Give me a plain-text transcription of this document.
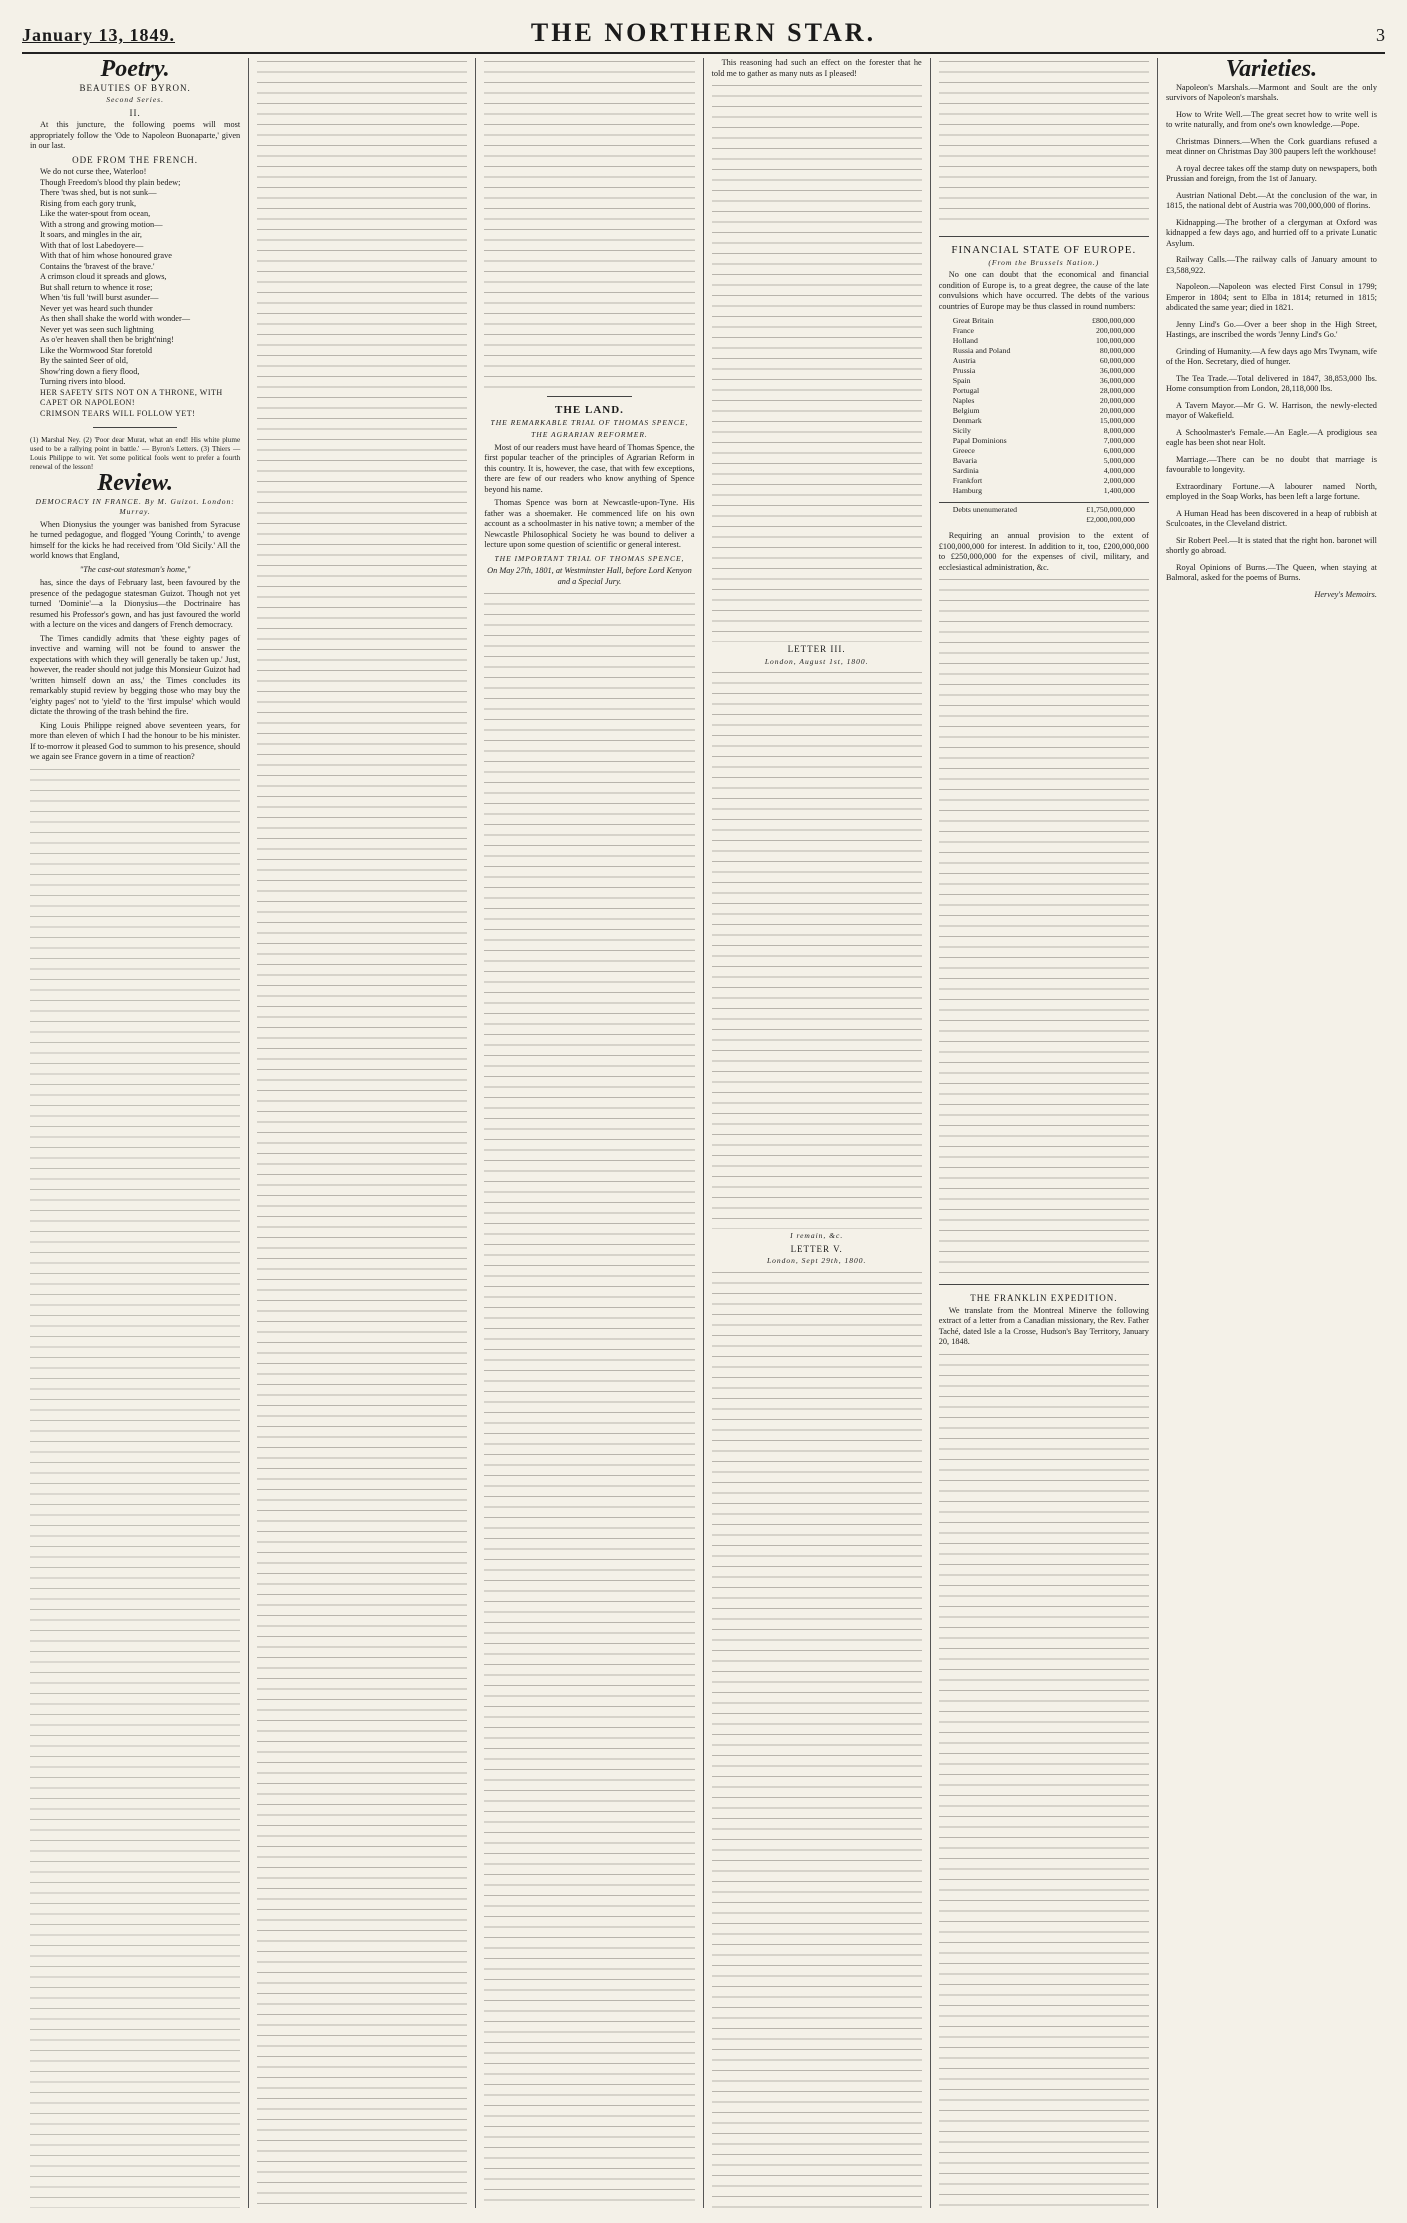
January 13, 1849.	THE NORTHERN STAR.	3
Poetry.
BEAUTIES OF BYRON.
Second Series.
II.

At this juncture, the following poems will most appropriately follow the 'Ode to Napoleon Buonaparte,' given in our last.

ODE FROM THE FRENCH.
We do not curse thee, Waterloo!
Though Freedom's blood thy plain bedew;
There 'twas shed, but is not sunk—
Rising from each gory trunk,
Like the water-spout from ocean,
With a strong and growing motion—
It soars, and mingles in the air,
With that of lost Labedoyere—
With that of him whose honoured grave
Contains the 'bravest of the brave.'
A crimson cloud it spreads and glows,
But shall return to whence it rose;
When 'tis full 'twill burst asunder—
Never yet was heard such thunder
As then shall shake the world with wonder—
Never yet was seen such lightning
As o'er heaven shall then be bright'ning!
Like the Wormwood Star foretold
By the sainted Seer of old,
Show'ring down a fiery flood,
Turning rivers into blood.
HER SAFETY SITS NOT ON A THRONE, WITH CAPET OR NAPOLEON!
CRIMSON TEARS WILL FOLLOW YET!
(1) Marshal Ney. (2) 'Poor dear Murat, what an end! His white plume used to be a rallying point in battle.' — Byron's Letters. (3) Thiers — Louis Philippe to wit. Yet some political fools went to prefer a fourth renewal of the lesson!
Review.
DEMOCRACY IN FRANCE. By M. Guizot. London: Murray.

When Dionysius the younger was banished from Syracuse he turned pedagogue, and flogged 'Young Corinth,' to avenge himself for the kicks he had received from 'Old Sicily.' All the world knows that England,

"The cast-out statesman's home,"

has, since the days of February last, been favoured by the presence of the pedagogue statesman Guizot. Though not yet turned 'Dominie'—a la Dionysius—the Doctrinaire has resumed his Professor's gown, and has just favoured the world with a lecture on the vices and dangers of French democracy.

The Times candidly admits that 'these eighty pages of invective and warning will not be found to answer the expectations with which they will generally be taken up.' Just, however, the reader should not judge this Monsieur Guizot had 'written himself down an ass,' the Times concludes its remarkably stupid review by begging those who may buy the 'eighty pages' not to 'yield' to the 'first impulse' which would dictate the throwing of the trash behind the fire.

King Louis Philippe reigned above seventeen years, for more than eleven of which I had the honour to be his minister. If to-morrow it pleased God to summon to his presence, should we again see France govern in a time of reaction?

THE LAND.
THE REMARKABLE TRIAL OF THOMAS SPENCE,
THE AGRARIAN REFORMER.

Most of our readers must have heard of Thomas Spence, the first popular teacher of the principles of Agrarian Reform in this country. It is, however, the case, that with few exceptions, there are few of our readers who know anything of Spence beyond his name.

Thomas Spence was born at Newcastle-upon-Tyne. His father was a shoemaker. He commenced life on his own account as a schoolmaster in his native town; a member of the Newcastle Philosophical Society he was bound to deliver a lecture upon some question of scientific or general interest.

THE IMPORTANT TRIAL OF THOMAS SPENCE,

On May 27th, 1801, at Westminster Hall, before Lord Kenyon and a Special Jury.

This reasoning had such an effect on the forester that he told me to gather as many nuts as I pleased!

LETTER III.
London, August 1st, 1800.
I remain, &c.
LETTER V.
London, Sept 29th, 1800.
FINANCIAL STATE OF EUROPE.
(From the Brussels Nation.)

No one can doubt that the economical and financial condition of Europe is, to a great degree, the cause of the late convulsions which have occurred. The debts of the various countries of Europe may be thus classed in round numbers:

Great Britain	£800,000,000
France	200,000,000
Holland	100,000,000
Russia and Poland	80,000,000
Austria	60,000,000
Prussia	36,000,000
Spain	36,000,000
Portugal	28,000,000
Naples	20,000,000
Belgium	20,000,000
Denmark	15,000,000
Sicily	8,000,000
Papal Dominions	7,000,000
Greece	6,000,000
Bavaria	5,000,000
Sardinia	4,000,000
Frankfort	2,000,000
Hamburg	1,400,000
Debts unenumerated	£1,750,000,000
£2,000,000,000

Requiring an annual provision to the extent of £100,000,000 for interest. In addition to it, too, £200,000,000 to £250,000,000 for the expenses of civil, military, and ecclesiastical administration, &c.

THE FRANKLIN EXPEDITION.

We translate from the Montreal Minerve the following extract of a letter from a Canadian missionary, the Rev. Father Taché, dated Isle a la Crosse, Hudson's Bay Territory, January 20, 1848.

Varieties.

Napoleon's Marshals.—Marmont and Soult are the only survivors of Napoleon's marshals.

How to Write Well.—The great secret how to write well is to write naturally, and from one's own knowledge.—Pope.

Christmas Dinners.—When the Cork guardians refused a meat dinner on Christmas Day 300 paupers left the workhouse!

A royal decree takes off the stamp duty on newspapers, both Prussian and foreign, from the 1st of January.

Austrian National Debt.—At the conclusion of the war, in 1815, the national debt of Austria was 700,000,000 of florins.

Kidnapping.—The brother of a clergyman at Oxford was kidnapped a few days ago, and hurried off to a private Lunatic Asylum.

Railway Calls.—The railway calls of January amount to £3,588,922.

Napoleon.—Napoleon was elected First Consul in 1799; Emperor in 1804; sent to Elba in 1814; returned in 1815; abdicated the same year; died in 1821.

Jenny Lind's Go.—Over a beer shop in the High Street, Hastings, are inscribed the words 'Jenny Lind's Go.'

Grinding of Humanity.—A few days ago Mrs Twynam, wife of the Hon. Secretary, died of hunger.

The Tea Trade.—Total delivered in 1847, 38,853,000 lbs. Home consumption from London, 28,118,000 lbs.

A Tavern Mayor.—Mr G. W. Harrison, the newly-elected mayor of Wakefield.

A Schoolmaster's Female.—An Eagle.—A prodigious sea eagle has been shot near Holt.

Marriage.—There can be no doubt that marriage is favourable to longevity.

Extraordinary Fortune.—A labourer named North, employed in the Soap Works, has been left a large fortune.

A Human Head has been discovered in a heap of rubbish at Sculcoates, in the Cleveland district.

Sir Robert Peel.—It is stated that the right hon. baronet will shortly go abroad.

Royal Opinions of Burns.—The Queen, when staying at Balmoral, asked for the poems of Burns.

Hervey's Memoirs.
